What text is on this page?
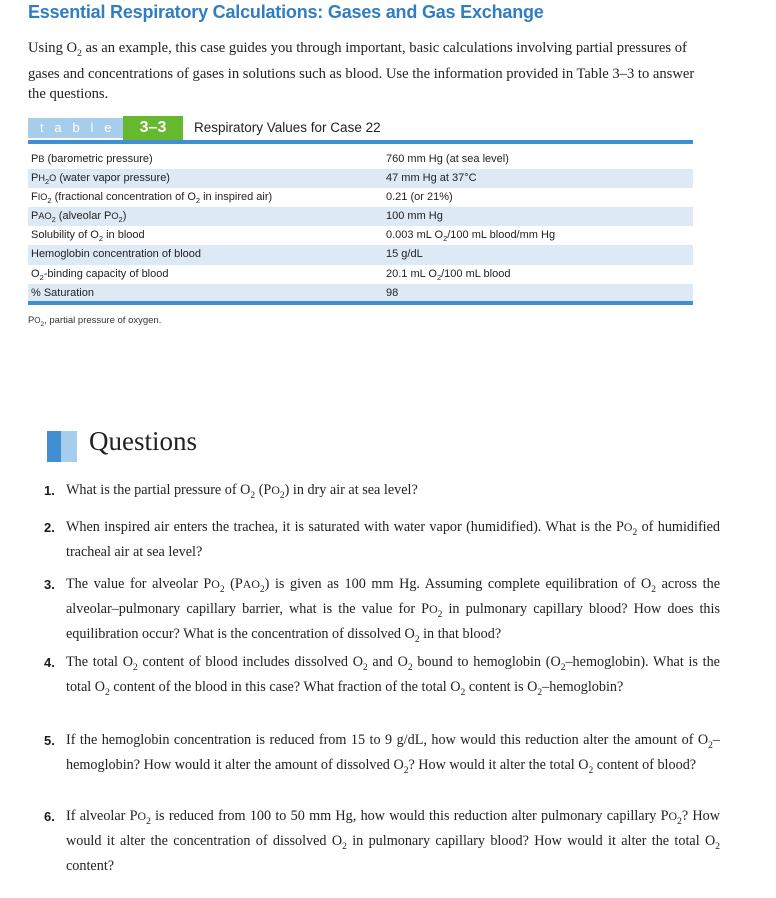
Essential Respiratory Calculations: Gases and Gas Exchange
Using $O_2$ as an example, this case guides you through important, basic calculations involving partial pressures of gases and concentrations of gases in solutions such as blood. Use the information provided in Table 3–3 to answer the questions.
t a b l e	3–3	Respiratory Values for Case 22
PB (barometric pressure)	760 mm Hg (at sea level)
$PH_2O$ (water vapor pressure)	47 mm Hg at 37°C
$FIO_2$ (fractional concentration of $O_2$ in inspired air)	0.21 (or 21%)
$PAO_2$ (alveolar $PO_2$)	100 mm Hg
Solubility of $O_2$ in blood	0.003 mL $O_2/100$ mL blood/mm Hg
Hemoglobin concentration of blood	15 g/dL
$O_2$-binding capacity of blood	20.1 mL $O_2/100$ mL blood
% Saturation	98
$PO_2$, partial pressure of oxygen.
Questions
1. What is the partial pressure of $O_2$ $(PO_2)$ in dry air at sea level?
2. When inspired air enters the trachea, it is saturated with water vapor (humidified). What is the $PO_2$ of humidified tracheal air at sea level?
3. The value for alveolar $PO_2$ $(PAO_2)$ is given as 100 mm Hg. Assuming complete equilibration of $O_2$ across the alveolar–pulmonary capillary barrier, what is the value for $PO_2$ in pulmonary capillary blood? How does this equilibration occur? What is the concentration of dissolved $O_2$ in that blood?
4. The total $O_2$ content of blood includes dissolved $O_2$ and $O_2$ bound to hemoglobin $(O_2-hemoglobin)$. What is the total $O_2$ content of the blood in this case? What fraction of the total $O_2$ content is $O_2$–hemoglobin?
5. If the hemoglobin concentration is reduced from 15 to 9 g/dL, how would this reduction alter the amount of $O_2$–hemoglobin? How would it alter the amount of dissolved $O_2$? How would it alter the total $O_2$ content of blood?
6. If alveolar $PO_2$ is reduced from 100 to 50 mm Hg, how would this reduction alter pulmonary capillary $PO_2$? How would it alter the concentration of dissolved $O_2$ in pulmonary capillary blood? How would it alter the total $O_2$ content?
